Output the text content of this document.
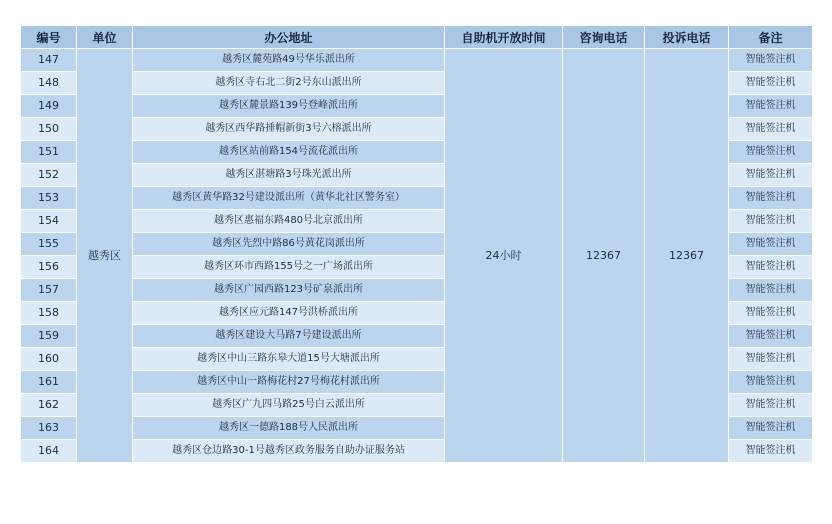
编号	单位	办公地址	自助机开放时间	咨询电话	投诉电话	备注
147	越秀区	越秀区麓苑路49号华乐派出所	24小时	12367	12367	智能签注机
148		越秀区寺右北二街2号东山派出所				智能签注机
149		越秀区麓景路139号登峰派出所				智能签注机
150		越秀区西华路捶帽新街3号六榕派出所				智能签注机
151		越秀区站前路154号流花派出所				智能签注机
152		越秀区湛塘路3号珠光派出所				智能签注机
153		越秀区黄华路32号建设派出所（黄华北社区警务室）				智能签注机
154		越秀区惠福东路480号北京派出所				智能签注机
155		越秀区先烈中路86号黄花岗派出所				智能签注机
156		越秀区环市西路155号之一广场派出所				智能签注机
157		越秀区广园西路123号矿泉派出所				智能签注机
158		越秀区应元路147号洪桥派出所				智能签注机
159		越秀区建设大马路7号建设派出所				智能签注机
160		越秀区中山三路东皋大道15号大塘派出所				智能签注机
161		越秀区中山一路梅花村27号梅花村派出所				智能签注机
162		越秀区广九四马路25号白云派出所				智能签注机
163		越秀区一德路188号人民派出所				智能签注机
164		越秀区仓边路30-1号越秀区政务服务自助办证服务站				智能签注机
